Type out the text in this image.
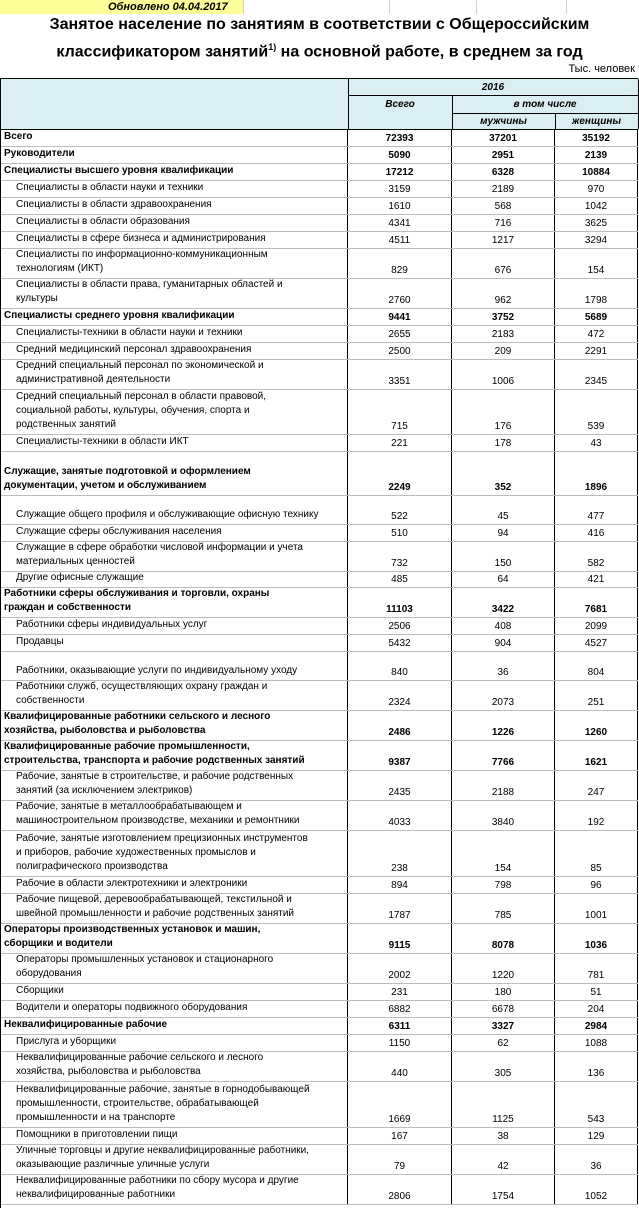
Обновлено 04.04.2017
Занятое население по занятиям в соответствии с Общероссийским
классификатором занятий$^{1)}$ на основной работе, в среднем за год
Тыс. человек
2016
Всего	в том числе
мужчины	женщины
Всего	72393	37201	35192
Руководители	5090	2951	2139
Специалисты высшего уровня квалификации	17212	6328	10884
Специалисты в области науки и техники	3159	2189	970
Специалисты в области здравоохранения	1610	568	1042
Специалисты в области образования	4341	716	3625
Специалисты в сфере бизнеса и администрирования	4511	1217	3294
Специалисты по информационно-коммуникационным
технологиям (ИКТ)	829	676	154
Специалисты в области права, гуманитарных областей и
культуры	2760	962	1798
Специалисты среднего уровня квалификации	9441	3752	5689
Специалисты-техники в области науки и техники	2655	2183	472
Средний медицинский персонал здравоохранения	2500	209	2291
Средний специальный персонал по экономической и
административной деятельности	3351	1006	2345
Средний специальный персонал в области правовой,
социальной работы, культуры, обучения, спорта и
родственных занятий	715	176	539
Специалисты-техники в области ИКТ	221	178	43
Служащие, занятые подготовкой и оформлением
документации, учетом и обслуживанием	2249	352	1896
Служащие общего профиля и обслуживающие офисную технику	522	45	477
Служащие сферы обслуживания населения	510	94	416
Служащие в сфере обработки числовой информации и учета
материальных ценностей	732	150	582
Другие офисные служащие	485	64	421
Работники сферы обслуживания и торговли, охраны
граждан и собственности	11103	3422	7681
Работники сферы индивидуальных услуг	2506	408	2099
Продавцы	5432	904	4527
Работники, оказывающие услуги по индивидуальному уходу	840	36	804
Работники служб, осуществляющих охрану граждан и
собственности	2324	2073	251
Квалифицированные работники сельского и лесного
хозяйства, рыболовства и рыболовства	2486	1226	1260
Квалифицированные рабочие промышленности,
строительства, транспорта и рабочие родственных занятий	9387	7766	1621
Рабочие, занятые в строительстве, и рабочие родственных
занятий (за исключением электриков)	2435	2188	247
Рабочие, занятые в металлообрабатывающем и
машиностроительном производстве, механики и ремонтники	4033	3840	192
Рабочие, занятые изготовлением прецизионных инструментов
и приборов, рабочие художественных промыслов и
полиграфического производства	238	154	85
Рабочие в области электротехники и электроники	894	798	96
Рабочие пищевой, деревообрабатывающей, текстильной и
швейной промышленности и рабочие родственных занятий	1787	785	1001
Операторы производственных установок и машин,
сборщики и водители	9115	8078	1036
Операторы промышленных установок и стационарного
оборудования	2002	1220	781
Сборщики	231	180	51
Водители и операторы подвижного оборудования	6882	6678	204
Неквалифицированные рабочие	6311	3327	2984
Прислуга и уборщики	1150	62	1088
Неквалифицированные рабочие сельского и лесного
хозяйства, рыболовства и рыболовства	440	305	136
Неквалифицированные рабочие, занятые в горнодобывающей
промышленности, строительстве, обрабатывающей
промышленности и на транспорте	1669	1125	543
Помощники в приготовлении пищи	167	38	129
Уличные торговцы и другие неквалифицированные работники,
оказывающие различные уличные услуги	79	42	36
Неквалифицированные работники по сбору мусора и другие
неквалифицированные работники	2806	1754	1052
